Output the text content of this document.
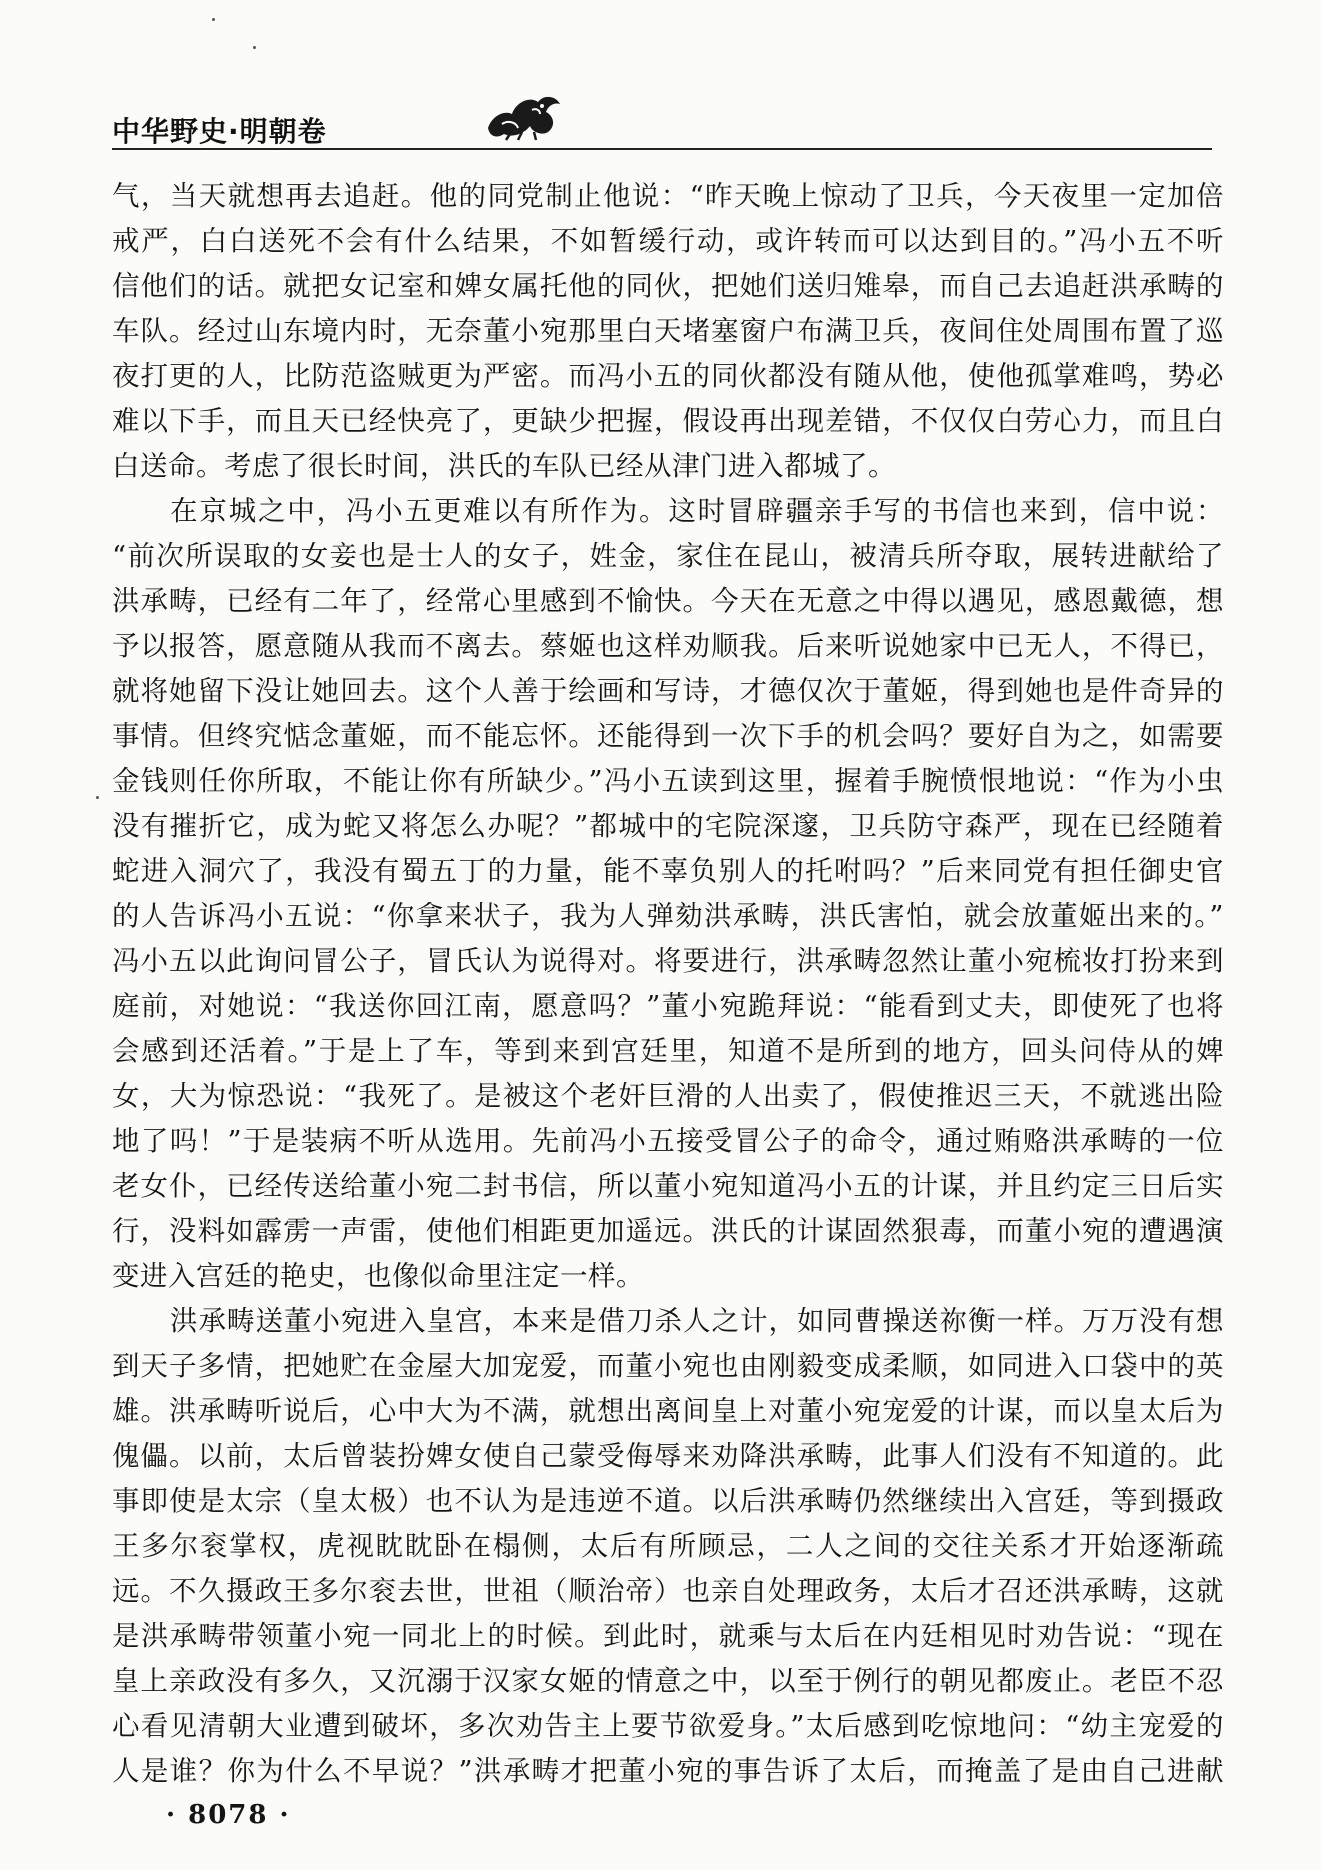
中华野史·明朝卷
气，当天就想再去追赶。他的同党制止他说：“昨天晚上惊动了卫兵，今天夜里一定加倍
戒严，白白送死不会有什么结果，不如暂缓行动，或许转而可以达到目的。”冯小五不听
信他们的话。就把女记室和婢女属托他的同伙，把她们送归雉皋，而自己去追赶洪承畴的
车队。经过山东境内时，无奈董小宛那里白天堵塞窗户布满卫兵，夜间住处周围布置了巡
夜打更的人，比防范盗贼更为严密。而冯小五的同伙都没有随从他，使他孤掌难鸣，势必
难以下手，而且天已经快亮了，更缺少把握，假设再出现差错，不仅仅白劳心力，而且白
白送命。考虑了很长时间，洪氏的车队已经从津门进入都城了。
在京城之中，冯小五更难以有所作为。这时冒辟疆亲手写的书信也来到，信中说：
“前次所误取的女妾也是士人的女子，姓金，家住在昆山，被清兵所夺取，展转进献给了
洪承畴，已经有二年了，经常心里感到不愉快。今天在无意之中得以遇见，感恩戴德，想
予以报答，愿意随从我而不离去。蔡姬也这样劝顺我。后来听说她家中已无人，不得已，
就将她留下没让她回去。这个人善于绘画和写诗，才德仅次于董姬，得到她也是件奇异的
事情。但终究惦念董姬，而不能忘怀。还能得到一次下手的机会吗？要好自为之，如需要
金钱则任你所取，不能让你有所缺少。”冯小五读到这里，握着手腕愤恨地说：“作为小虫
没有摧折它，成为蛇又将怎么办呢？”都城中的宅院深邃，卫兵防守森严，现在已经随着
蛇进入洞穴了，我没有蜀五丁的力量，能不辜负别人的托咐吗？”后来同党有担任御史官
的人告诉冯小五说：“你拿来状子，我为人弹劾洪承畴，洪氏害怕，就会放董姬出来的。”
冯小五以此询问冒公子，冒氏认为说得对。将要进行，洪承畴忽然让董小宛梳妆打扮来到
庭前，对她说：“我送你回江南，愿意吗？”董小宛跪拜说：“能看到丈夫，即使死了也将
会感到还活着。”于是上了车，等到来到宫廷里，知道不是所到的地方，回头问侍从的婢
女，大为惊恐说：“我死了。是被这个老奸巨滑的人出卖了，假使推迟三天，不就逃出险
地了吗！”于是装病不听从选用。先前冯小五接受冒公子的命令，通过贿赂洪承畴的一位
老女仆，已经传送给董小宛二封书信，所以董小宛知道冯小五的计谋，并且约定三日后实
行，没料如霹雳一声雷，使他们相距更加遥远。洪氏的计谋固然狠毒，而董小宛的遭遇演
变进入宫廷的艳史，也像似命里注定一样。
洪承畴送董小宛进入皇宫，本来是借刀杀人之计，如同曹操送祢衡一样。万万没有想
到天子多情，把她贮在金屋大加宠爱，而董小宛也由刚毅变成柔顺，如同进入口袋中的英
雄。洪承畴听说后，心中大为不满，就想出离间皇上对董小宛宠爱的计谋，而以皇太后为
傀儡。以前，太后曾装扮婢女使自己蒙受侮辱来劝降洪承畴，此事人们没有不知道的。此
事即使是太宗（皇太极）也不认为是违逆不道。以后洪承畴仍然继续出入宫廷，等到摄政
王多尔衮掌权，虎视眈眈卧在榻侧，太后有所顾忌，二人之间的交往关系才开始逐渐疏
远。不久摄政王多尔衮去世，世祖（顺治帝）也亲自处理政务，太后才召还洪承畴，这就
是洪承畴带领董小宛一同北上的时候。到此时，就乘与太后在内廷相见时劝告说：“现在
皇上亲政没有多久，又沉溺于汉家女姬的情意之中，以至于例行的朝见都废止。老臣不忍
心看见清朝大业遭到破坏，多次劝告主上要节欲爱身。”太后感到吃惊地问：“幼主宠爱的
人是谁？你为什么不早说？”洪承畴才把董小宛的事告诉了太后，而掩盖了是由自己进献
· 8078 ·
